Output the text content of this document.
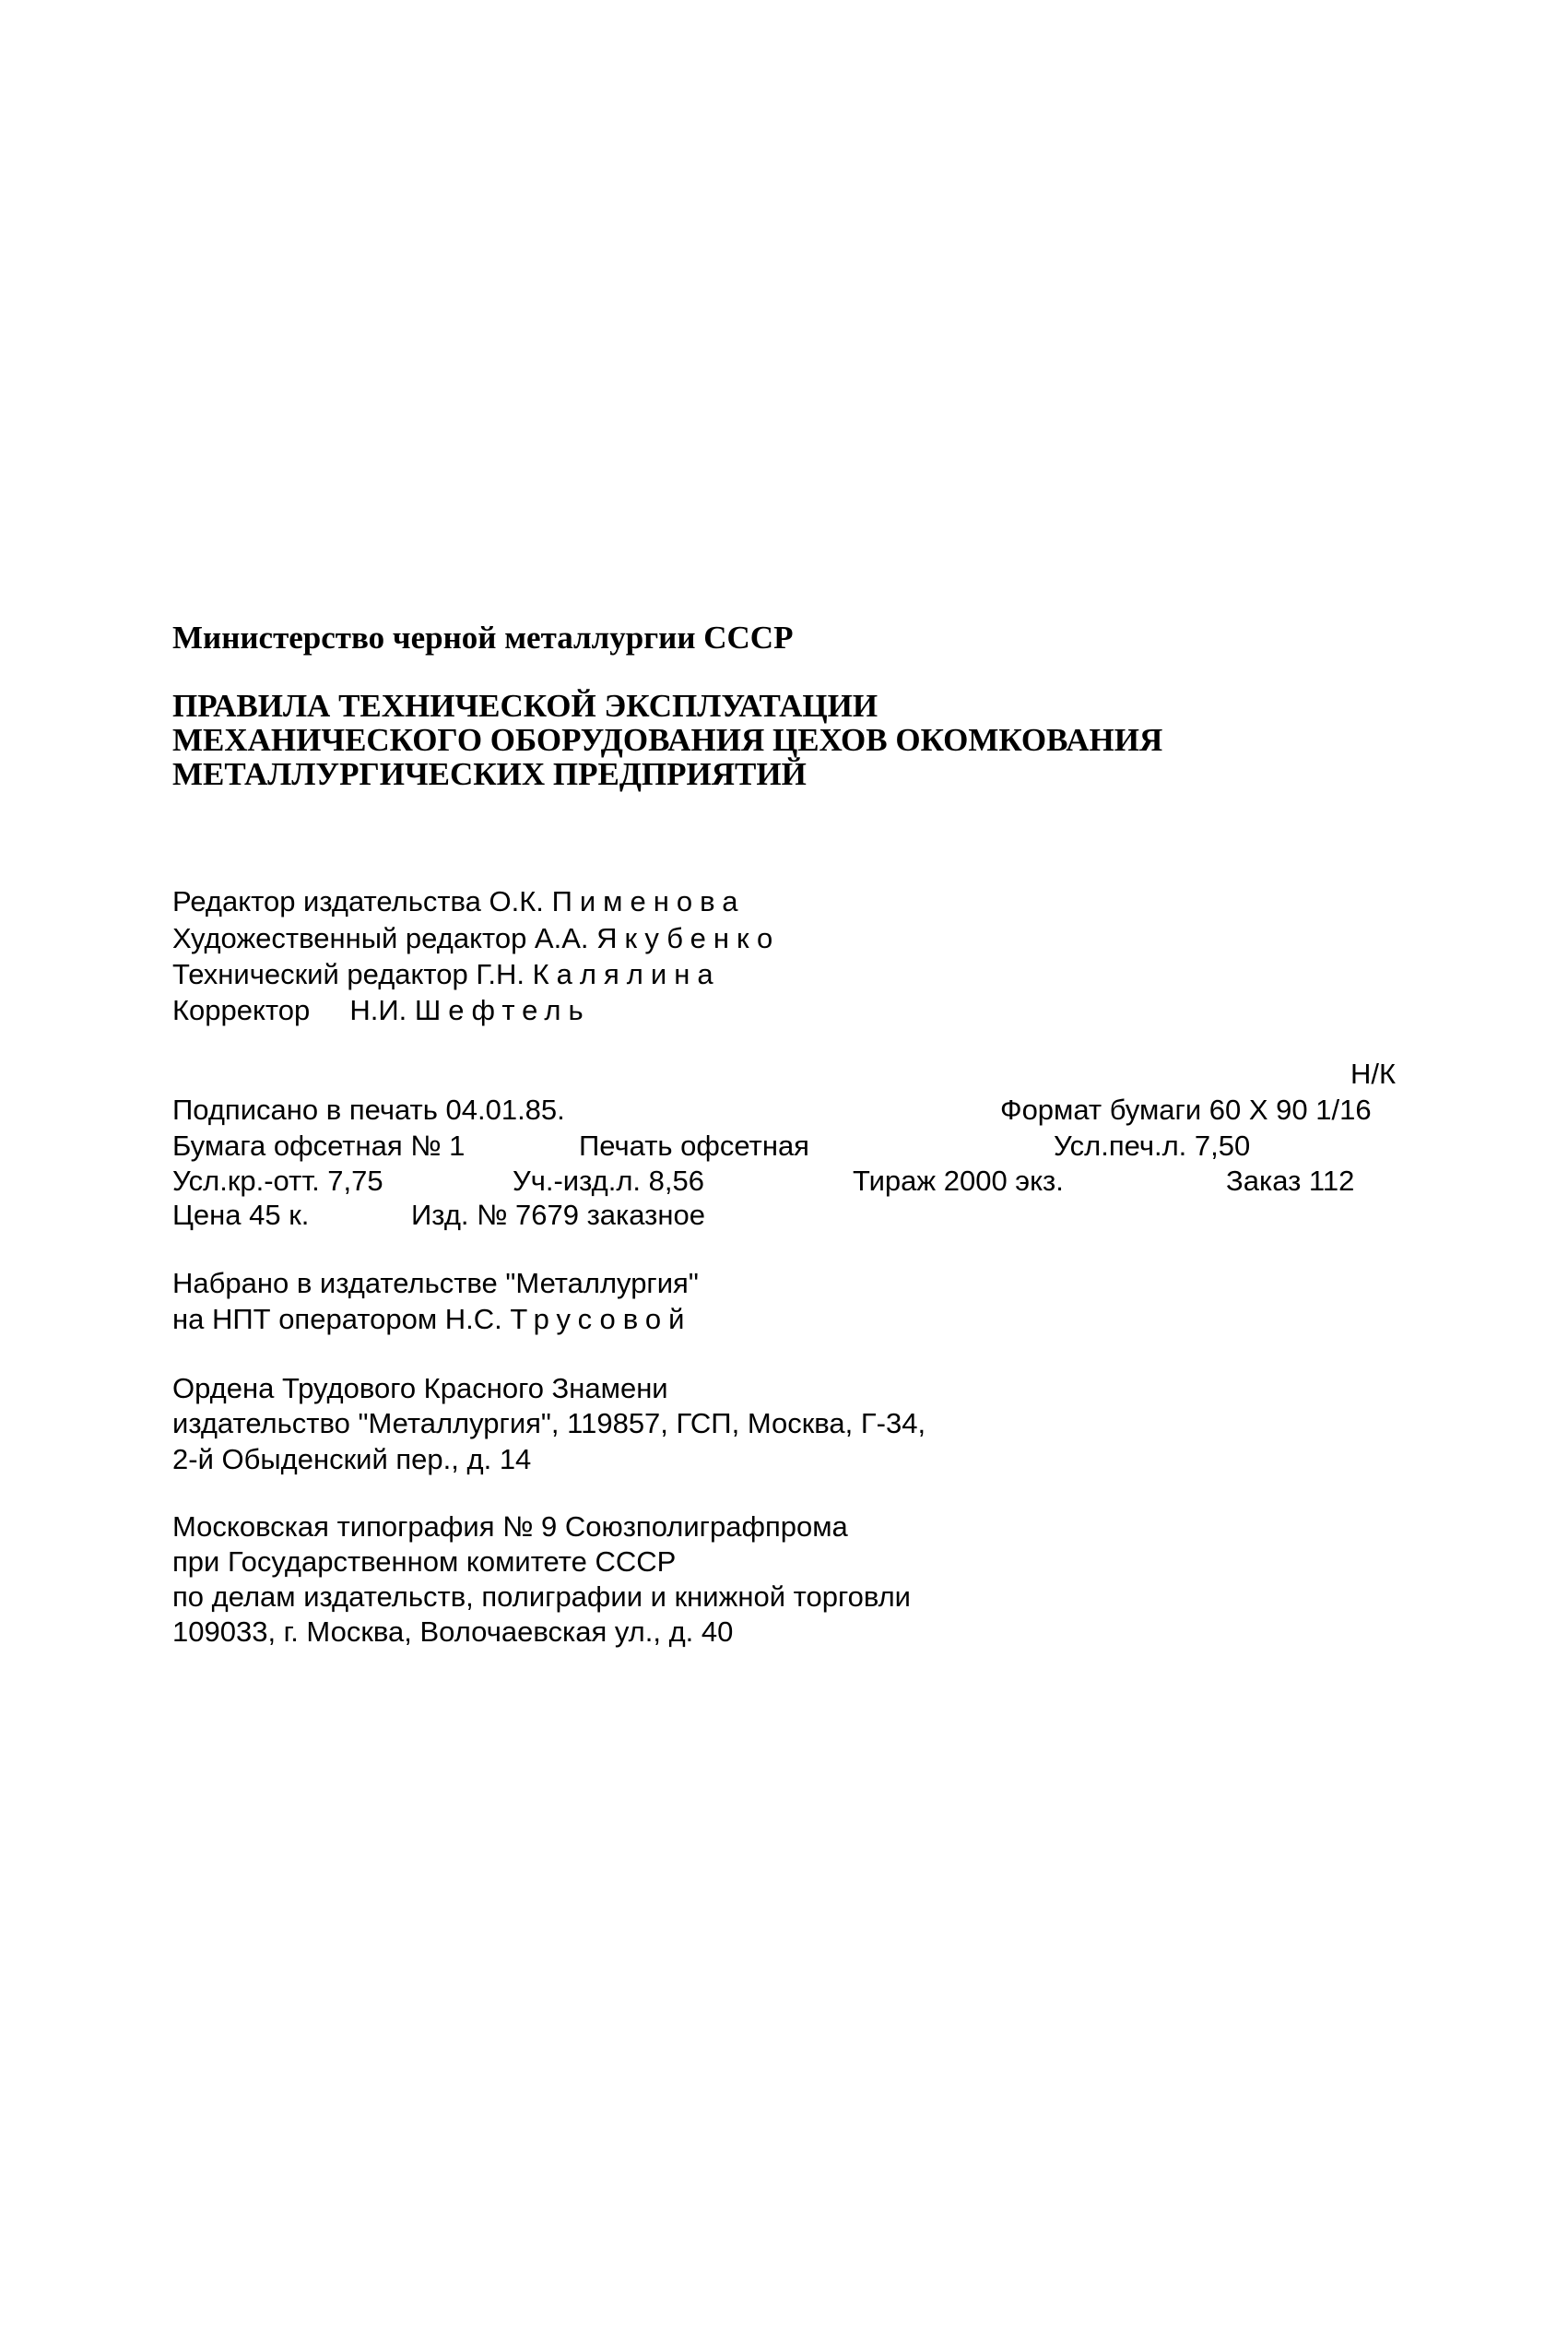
Министерство черной металлургии СССР
ПРАВИЛА ТЕХНИЧЕСКОЙ ЭКСПЛУАТАЦИИ
МЕХАНИЧЕСКОГО ОБОРУДОВАНИЯ ЦЕХОВ ОКОМКОВАНИЯ
МЕТАЛЛУРГИЧЕСКИХ ПРЕДПРИЯТИЙ
Редактор издательства О.К. Пименова
Художественный редактор А.А. Якубенко
Технический редактор Г.Н. Калялина
Корректор     Н.И. Шефтель
Н/К
Подписано в печать 04.01.85.	Формат бумаги 60 X 90 1/16
Бумага офсетная № 1	Печать офсетная	Усл.печ.л. 7,50
Усл.кр.-отт. 7,75	Уч.-изд.л. 8,56	Тираж 2000 экз.	Заказ 112
Цена 45 к.	Изд. № 7679 заказное
Набрано в издательстве "Металлургия"
на НПТ оператором Н.С. Трусовой
Ордена Трудового Красного Знамени
издательство "Металлургия", 119857, ГСП, Москва, Г-34,
2-й Обыденский пер., д. 14
Московская типография № 9 Союзполиграфпрома
при Государственном комитете СССР
по делам издательств, полиграфии и книжной торговли
109033, г. Москва, Волочаевская ул., д. 40
